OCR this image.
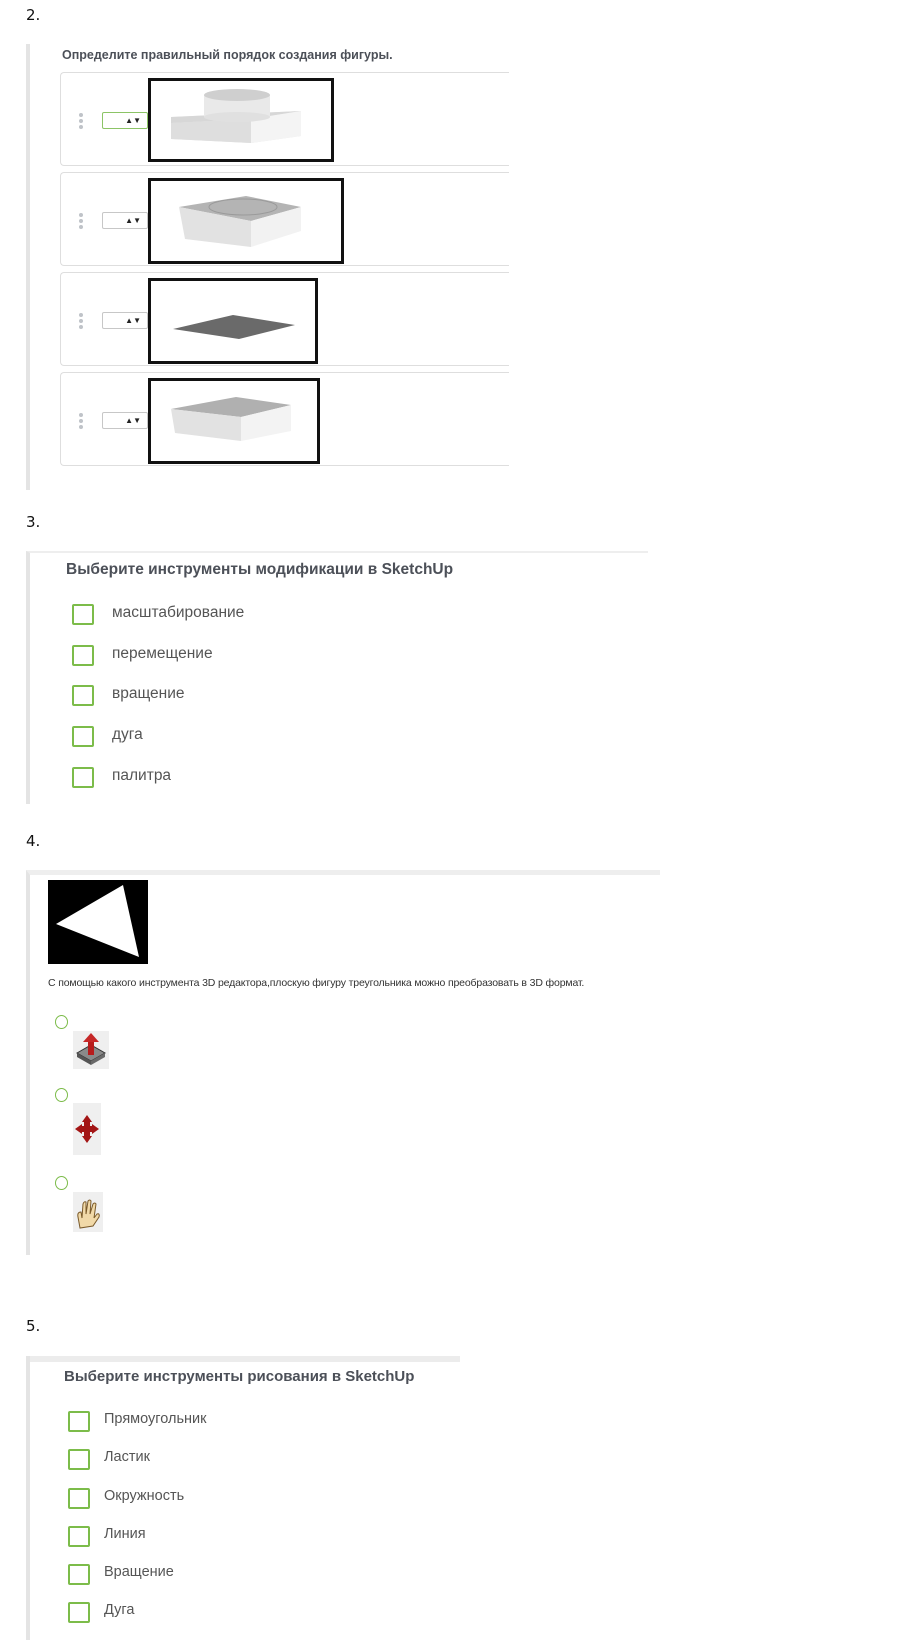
2.
Определите правильный порядок создания фигуры.
▲▼
▲▼
▲▼
▲▼
3.
Выберите инструменты модификации в SketchUp
масштабирование
перемещение
вращение
дуга
палитра
4.
С помощью какого инструмента 3D редактора,плоскую фигуру треугольника можно преобразовать в 3D формат.
5.
Выберите инструменты рисования в SketchUp
Прямоугольник
Ластик
Окружность
Линия
Вращение
Дуга
